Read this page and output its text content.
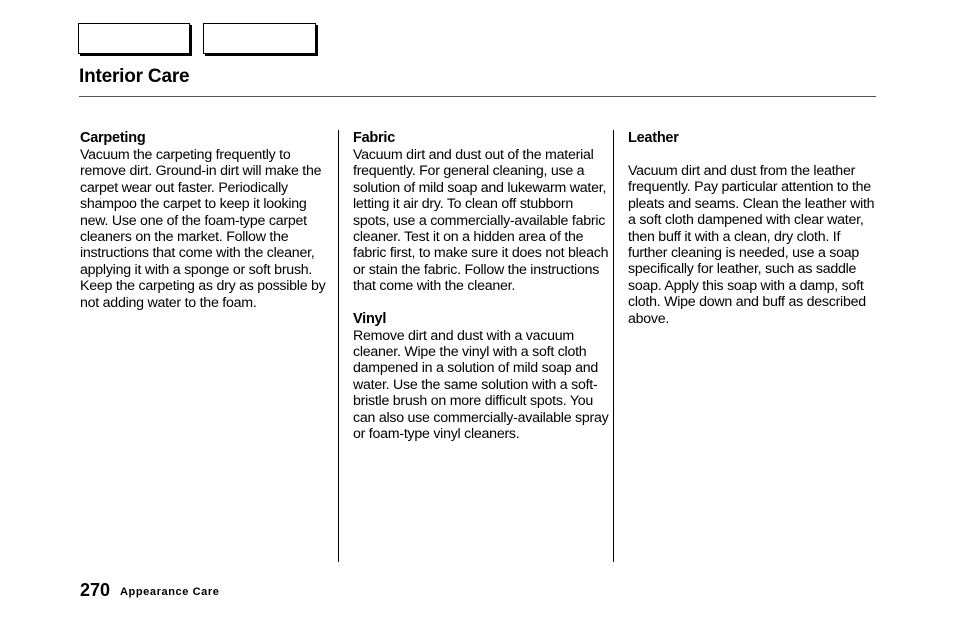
Interior Care

Carpeting

Vacuum the carpeting frequently to remove dirt. Ground-in dirt will make the carpet wear out faster. Periodically shampoo the carpet to keep it looking new. Use one of the foam-type carpet cleaners on the market. Follow the instructions that come with the cleaner, applying it with a sponge or soft brush. Keep the carpeting as dry as possible by not adding water to the foam.

Fabric

Vacuum dirt and dust out of the material frequently. For general cleaning, use a solution of mild soap and lukewarm water, letting it air dry. To clean off stubborn spots, use a commercially-available fabric cleaner. Test it on a hidden area of the fabric first, to make sure it does not bleach or stain the fabric. Follow the instructions that come with the cleaner.

Vinyl

Remove dirt and dust with a vacuum cleaner. Wipe the vinyl with a soft cloth dampened in a solution of mild soap and water. Use the same solution with a soft-bristle brush on more difficult spots. You can also use commercially-available spray or foam-type vinyl cleaners.

Leather

Vacuum dirt and dust from the leather frequently. Pay particular attention to the pleats and seams. Clean the leather with a soft cloth dampened with clear water, then buff it with a clean, dry cloth. If further cleaning is needed, use a soap specifically for leather, such as saddle soap. Apply this soap with a damp, soft cloth. Wipe down and buff as described above.

270 Appearance Care
